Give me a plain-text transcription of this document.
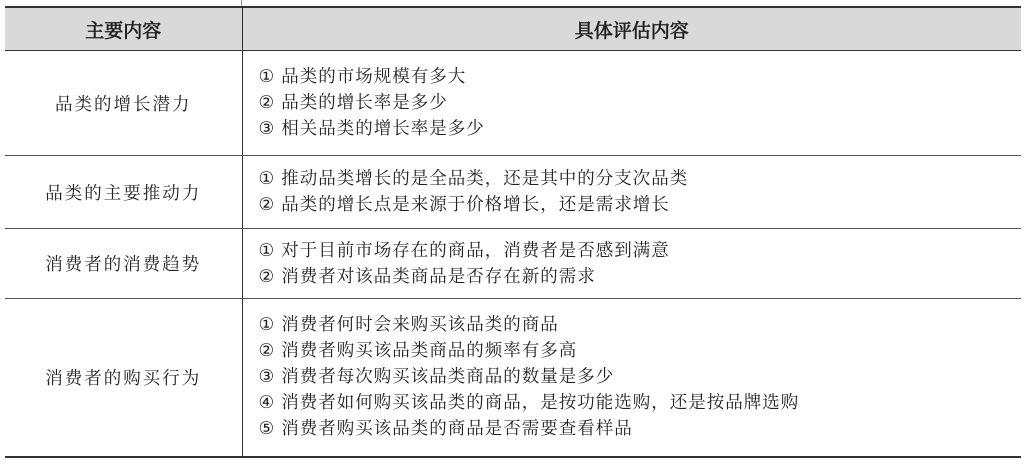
主要内容	具体评估内容
品类的增长潜力	① 品类的市场规模有多大
② 品类的增长率是多少
③ 相关品类的增长率是多少

品类的主要推动力	① 推动品类增长的是全品类，还是其中的分支次品类
② 品类的增长点是来源于价格增长，还是需求增长

消费者的消费趋势	① 对于目前市场存在的商品，消费者是否感到满意
② 消费者对该品类商品是否存在新的需求

消费者的购买行为	① 消费者何时会来购买该品类的商品
② 消费者购买该品类商品的频率有多高
③ 消费者每次购买该品类商品的数量是多少
④ 消费者如何购买该品类的商品，是按功能选购，还是按品牌选购
⑤ 消费者购买该品类的商品是否需要查看样品
